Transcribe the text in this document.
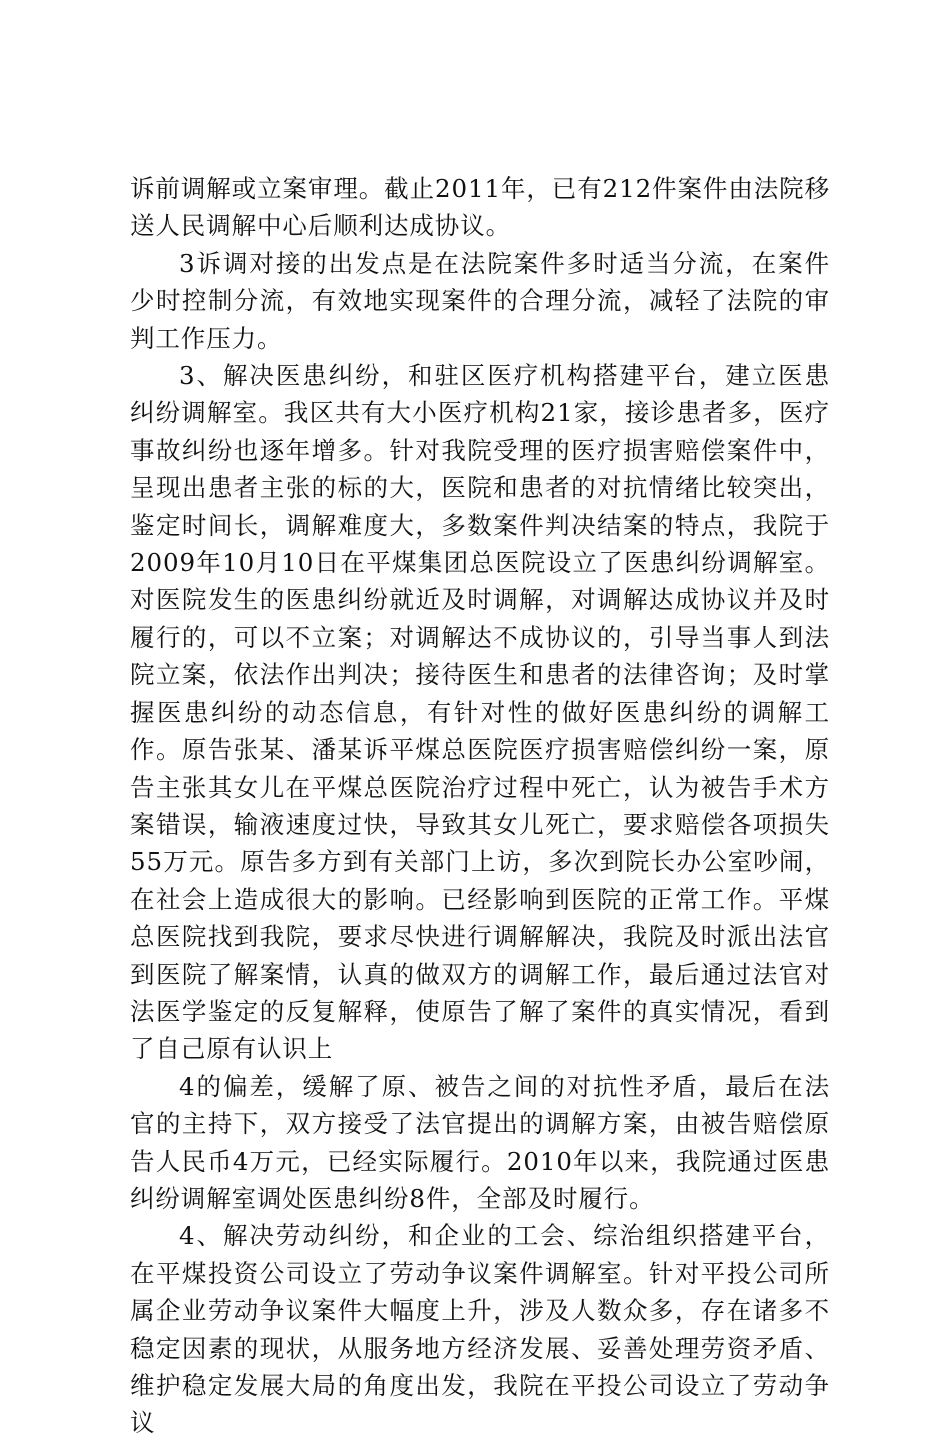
诉前调解或立案审理。截止2011年，已有212件案件由法院移送人民调解中心后顺利达成协议。

3诉调对接的出发点是在法院案件多时适当分流，在案件少时控制分流，有效地实现案件的合理分流，减轻了法院的审判工作压力。

3、解决医患纠纷，和驻区医疗机构搭建平台，建立医患纠纷调解室。我区共有大小医疗机构21家，接诊患者多，医疗事故纠纷也逐年增多。针对我院受理的医疗损害赔偿案件中，呈现出患者主张的标的大，医院和患者的对抗情绪比较突出，鉴定时间长，调解难度大，多数案件判决结案的特点，我院于2009年10月10日在平煤集团总医院设立了医患纠纷调解室。对医院发生的医患纠纷就近及时调解，对调解达成协议并及时履行的，可以不立案；对调解达不成协议的，引导当事人到法院立案，依法作出判决；接待医生和患者的法律咨询；及时掌握医患纠纷的动态信息，有针对性的做好医患纠纷的调解工作。原告张某、潘某诉平煤总医院医疗损害赔偿纠纷一案，原告主张其女儿在平煤总医院治疗过程中死亡，认为被告手术方案错误，输液速度过快，导致其女儿死亡，要求赔偿各项损失55万元。原告多方到有关部门上访，多次到院长办公室吵闹，在社会上造成很大的影响。已经影响到医院的正常工作。平煤总医院找到我院，要求尽快进行调解解决，我院及时派出法官到医院了解案情，认真的做双方的调解工作，最后通过法官对法医学鉴定的反复解释，使原告了解了案件的真实情况，看到了自己原有认识上

4的偏差，缓解了原、被告之间的对抗性矛盾，最后在法官的主持下，双方接受了法官提出的调解方案，由被告赔偿原告人民币4万元，已经实际履行。2010年以来，我院通过医患纠纷调解室调处医患纠纷8件，全部及时履行。

4、解决劳动纠纷，和企业的工会、综治组织搭建平台，在平煤投资公司设立了劳动争议案件调解室。针对平投公司所属企业劳动争议案件大幅度上升，涉及人数众多，存在诸多不稳定因素的现状，从服务地方经济发展、妥善处理劳资矛盾、维护稳定发展大局的角度出发，我院在平投公司设立了劳动争议
